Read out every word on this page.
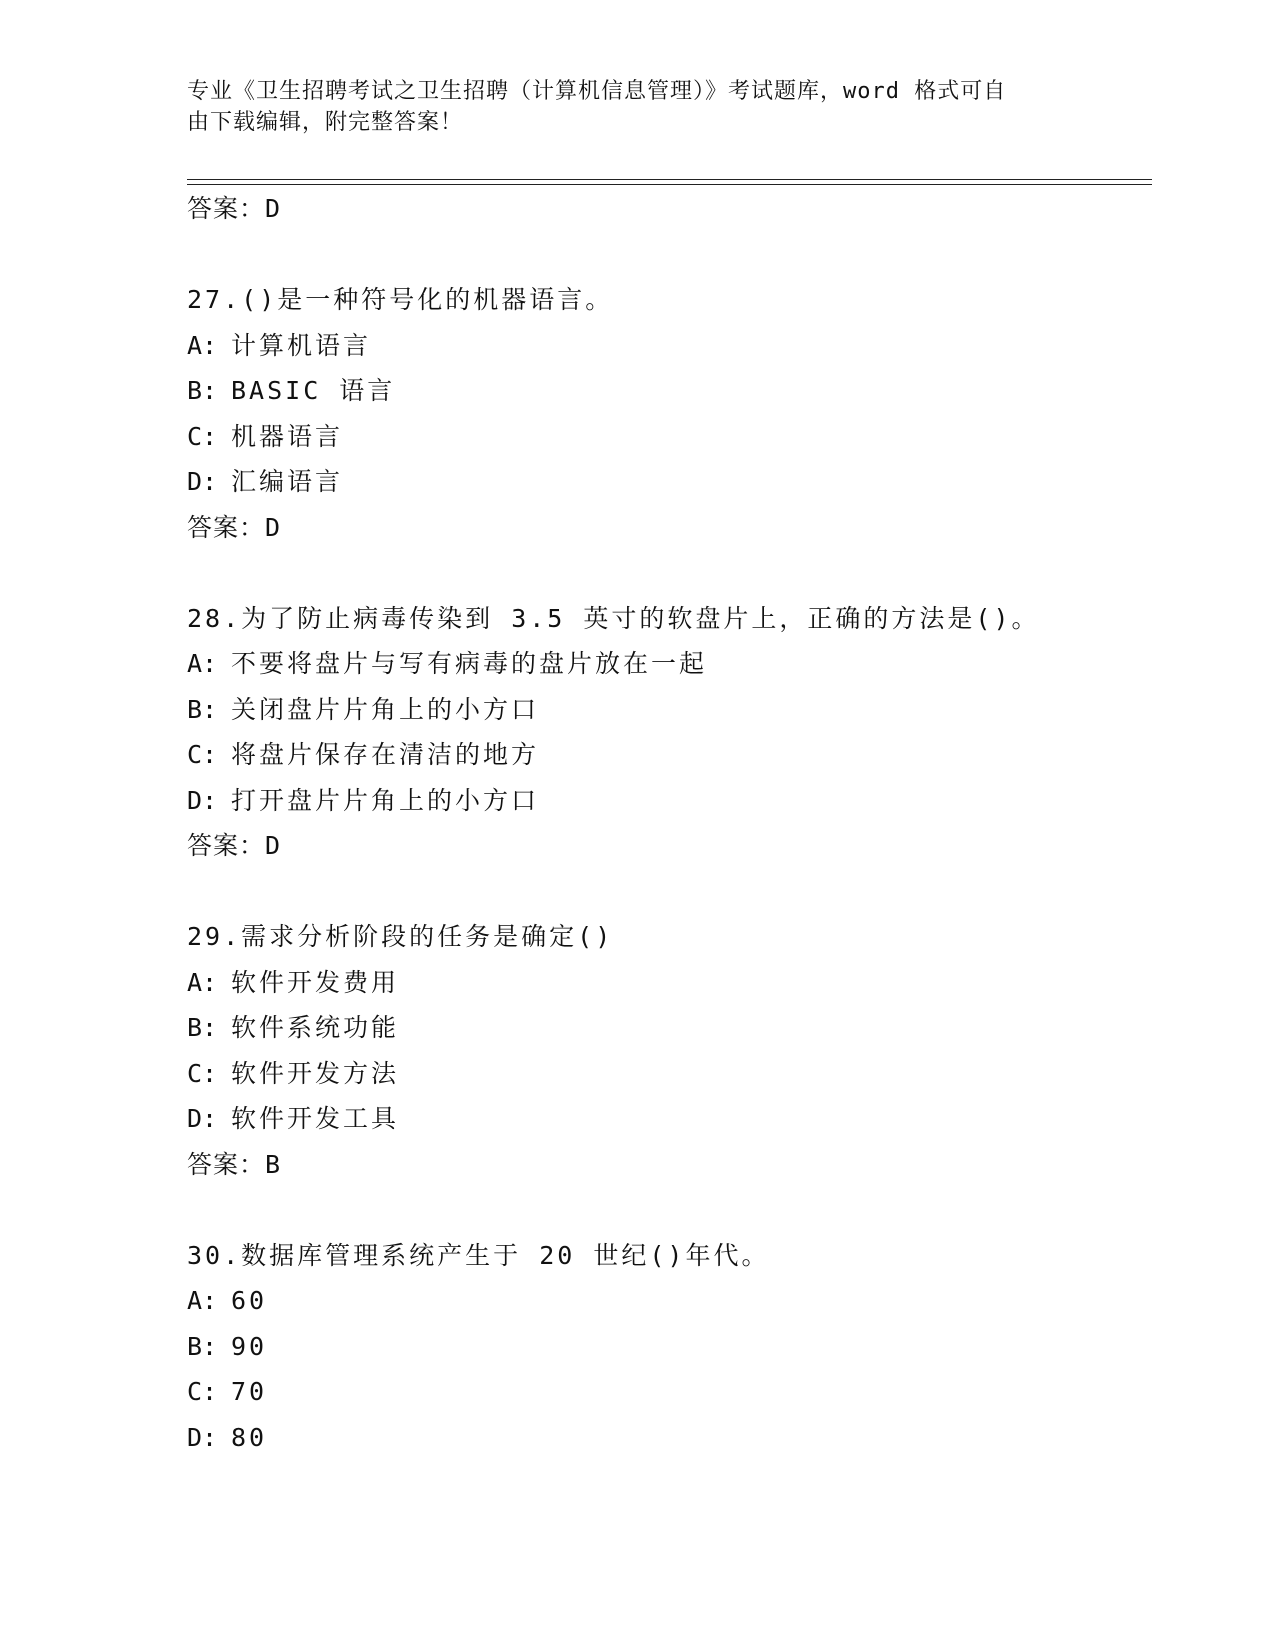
专业《卫生招聘考试之卫生招聘（计算机信息管理）》考试题库，word 格式可自
由下载编辑，附完整答案！
答案：D
27.()是一种符号化的机器语言。
A: 计算机语言
B: BASIC 语言
C: 机器语言
D: 汇编语言
答案：D
28.为了防止病毒传染到 3.5 英寸的软盘片上，正确的方法是()。
A: 不要将盘片与写有病毒的盘片放在一起
B: 关闭盘片片角上的小方口
C: 将盘片保存在清洁的地方
D: 打开盘片片角上的小方口
答案：D
29.需求分析阶段的任务是确定()
A: 软件开发费用
B: 软件系统功能
C: 软件开发方法
D: 软件开发工具
答案：B
30.数据库管理系统产生于 20 世纪()年代。
A: 60
B: 90
C: 70
D: 80
